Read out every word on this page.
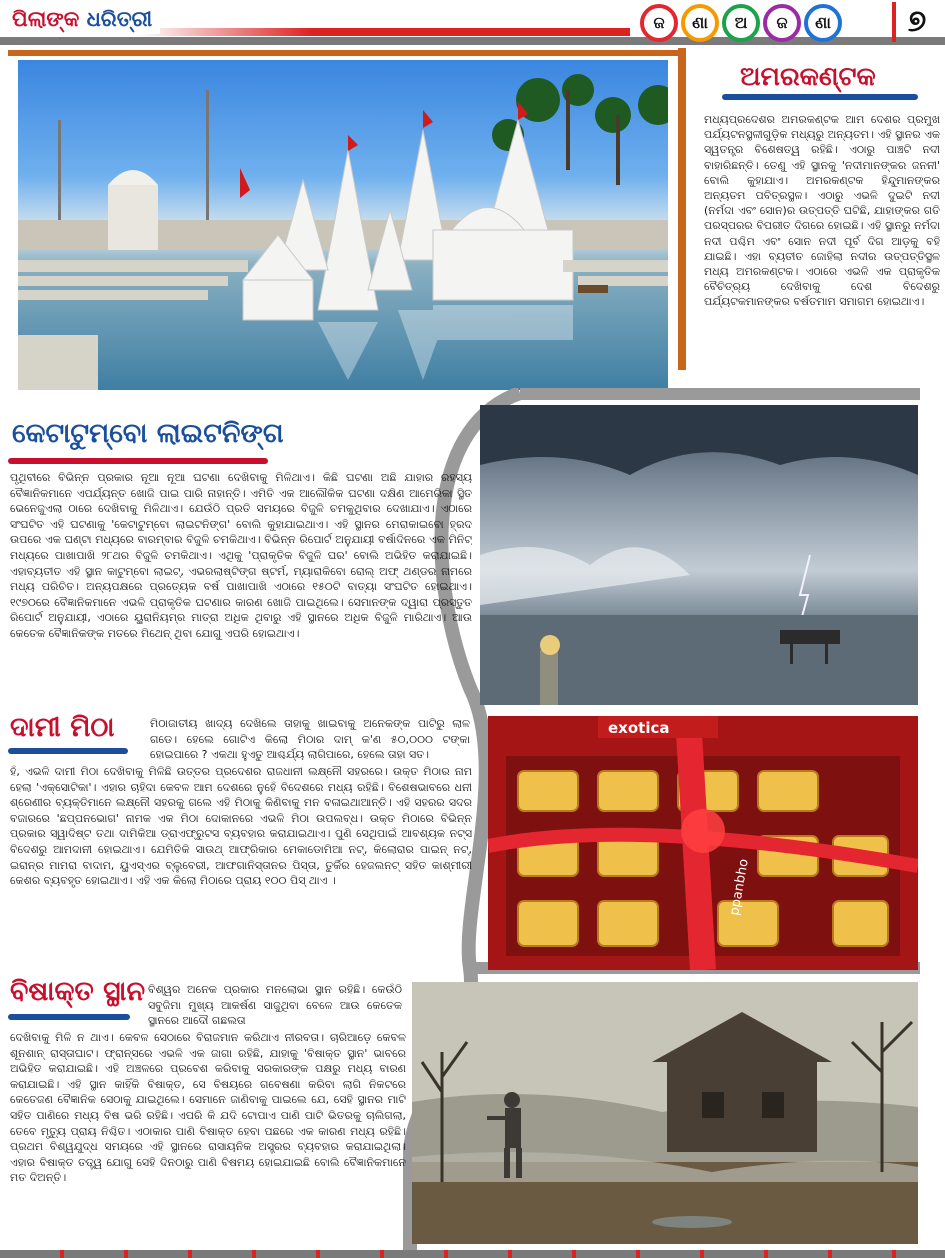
ପିଲାଙ୍କ ଧରିତ୍ରୀ	ଜ	ଣା	ଅ	ଜ	ଣା	୭
ଅମରକଣ୍ଟକ
ମଧ୍ୟପ୍ରଦେଶର ଅମରକଣ୍ଟକ ଆମ ଦେଶର ପ୍ରମୁଖ ପର୍ଯ୍ୟଟନସ୍ଥଳୀଗୁଡ଼ିକ ମଧ୍ୟରୁ ଅନ୍ୟତମ। ଏହି ସ୍ଥାନର ଏକ ସ୍ୱତନ୍ତ୍ର ବିଶେଷତ୍ୱ ରହିଛି। ଏଠାରୁ ପାଞ୍ଚଟି ନଦୀ ବାହାରିଛନ୍ତି। ତେଣୁ ଏହି ସ୍ଥାନକୁ 'ନଦୀମାନଙ୍କର ଜନନୀ' ବୋଲି କୁହାଯାଏ। ଅମରକଣ୍ଟକ ହିନ୍ଦୁମାନଙ୍କର ଅନ୍ୟତମ ପବିତ୍ରସ୍ଥଳ। ଏଠାରୁ ଏଭଳି ଦୁଇଟି ନଦୀ (ନର୍ମଦା ଏବଂ ସୋନ)ର ଉତ୍ପତ୍ତି ଘଟିଛି, ଯାହାଙ୍କର ଗତି ପରସ୍ପରର ବିପରୀତ ଦିଗରେ ହୋଇଛି। ଏହି ସ୍ଥାନରୁ ନର୍ମଦା ନଦୀ ପଶ୍ଚିମ ଏବଂ ସୋନ ନଦୀ ପୂର୍ବ ଦିଗ ଆଡ଼କୁ ବହି ଯାଇଛି। ଏହା ବ୍ୟତୀତ ଜୋହିଲା ନଦୀର ଉତ୍ପତ୍ତିସ୍ଥଳ ମଧ୍ୟ ଅମରକଣ୍ଟକ। ଏଠାରେ ଏଭଳି ଏକ ପ୍ରାକୃତିକ ବୈଚିତ୍ର୍ୟ ଦେଖିବାକୁ ଦେଶ ବିଦେଶରୁ ପର୍ଯ୍ୟଟକମାନଙ୍କର ବର୍ଷତମାମ ସମାଗମ ହୋଇଥାଏ।
କେଟାଟୁମ୍ବୋ ଲାଇଟନିଙ୍ଗ
ପୃଥିବୀରେ ବିଭିନ୍ନ ପ୍ରକାର ନୂଆ ନୂଆ ଘଟଣା ଦେଖିବାକୁ ମିଳିଥାଏ। କିଛି ଘଟଣା ଅଛି ଯାହାର ରହସ୍ୟ ବୈଜ୍ଞାନିକମାନେ ଏପର୍ଯ୍ୟନ୍ତ ଖୋଜି ପାଇ ପାରି ନାହାନ୍ତି। ଏମିତି ଏକ ଆଲୌକିକ ଘଟଣା ଦକ୍ଷିଣ ଆମେରିକା ସ୍ଥିତ ଭେନେଜୁଏଲା ଠାରେ ଦେଖିବାକୁ ମିଳିଥାଏ। ଯେଉଁଠି ପ୍ରତି ସମୟରେ ବିଜୁଳି ଚମକୁଥିବାର ଦେଖାଯାଏ। ଏଠାରେ ସଂଘଟିତ ଏହି ଘଟଣାକୁ 'କେଟାଟୁମ୍ବୋ ଲାଇଟନିଙ୍ଗ' ବୋଲି କୁହାଯାଇଥାଏ। ଏହି ସ୍ଥାନର ମେରାକାଇବୋ ହ୍ରଦ ଉପରେ ଏକ ଘଣ୍ଟା ମଧ୍ୟରେ ବାରମ୍ବାର ବିଜୁଳି ଚମକିଥାଏ। ବିଭିନ୍ନ ରିପୋର୍ଟ ଅନୁଯାୟୀ ବର୍ଷାଦିନରେ ଏକ ମିନିଟ୍ ମଧ୍ୟରେ ପାଖାପାଖି ୨୮ଥର ବିଜୁଳି ଚମକିଥାଏ। ଏଥିକୁ 'ପ୍ରାକୃତିକ ବିଜୁଳି ଘର' ବୋଲି ଅଭିହିତ କରାଯାଇଛି। ଏହାବ୍ୟତୀତ ଏହି ସ୍ଥାନ କାଟୁମ୍ବୋ ଲାଇଟ୍, ଏଭରଲାଷ୍ଟିଙ୍ଗ ଷ୍ଟର୍ମ, ମ୍ୟାରାକିବୋ ରୋଲ୍ ଅଫ୍ ଥଣ୍ଡର ନାମରେ ମଧ୍ୟ ପରିଚିତ। ଅନ୍ୟପକ୍ଷରେ ପ୍ରତ୍ୟେକ ବର୍ଷ ପାଖାପାଖି ଏଠାରେ ୧୫୦ଟି ବାତ୍ୟା ସଂଘଟିତ ହୋଇଥାଏ। ୧୯୭୦ରେ ବୈଜ୍ଞାନିକମାନେ ଏଭଳି ପ୍ରାକୃତିକ ଘଟଣାର କାରଣ ଖୋଜି ପାଇଥିଲେ। ସେମାନଙ୍କ ଦ୍ୱାରା ପ୍ରସ୍ତୁତ ରିପୋର୍ଟ ଅନୁଯାୟୀ, ଏଠାରେ ୟୁରାନିୟମ୍‌ର ମାତ୍ରା ଅଧିକ ଥିବାରୁ ଏହି ସ୍ଥାନରେ ଅଧିକ ବିଜୁଳି ମାରିଥାଏ। ଆଉ କେତେକ ବୈଜ୍ଞାନିକଙ୍କ ମତରେ ମିଥେନ୍ ଥିବା ଯୋଗୁ ଏପରି ହୋଇଥାଏ।
ଦାମୀ ମିଠା	ମିଠାଜାତୀୟ ଖାଦ୍ୟ ଦେଖିଲେ ତାହାକୁ ଖାଇବାକୁ ଅନେକଙ୍କ ପାଟିରୁ ଲାଳ ଗଡେ। ହେଲେ ଗୋଟିଏ କିଲୋ ମିଠାର ଦାମ୍ କ'ଣ ୫୦,୦୦୦ ଟଙ୍କା ହୋଇପାରେ ? ଏକଥା ହୁଏତୁ ଆଶ୍ଚର୍ଯ୍ୟ ଲାଗିପାରେ, ହେଲେ ତାହା ସତ।
ହଁ, ଏଭଳି ଦାମୀ ମିଠା ଦେଖିବାକୁ ମିଳିଛି ଉତ୍ତର ପ୍ରଦେଶର ରାଜଧାନୀ ଲକ୍ଷ୍ନୌ ସହରରେ। ଉକ୍ତ ମିଠାର ନାମ ହେଲା 'ଏକ୍ସୋଟିକା'। ଏହାର ଚାହିଦା କେବଳ ଆମ ଦେଶରେ ନୁହେଁ ବିଦେଶରେ ମଧ୍ୟ ରହିଛି। ବିଶେଷଭାବରେ ଧନୀ ଶ୍ରେଣୀର ବ୍ୟକ୍ତିମାନେ ଲକ୍ଷ୍ନୌ ସହରକୁ ଗଲେ ଏହି ମିଠାକୁ କିଣିବାକୁ ମନ ବଳାଇଥାଆନ୍ତି। ଏହି ସହରର ସଦର ବଜାରରେ 'ଛପ୍ପନଭୋଗ' ନାମକ ଏକ ମିଠା ଦୋକାନରେ ଏଭଳି ମିଠା ଉପଲବ୍ଧ। ଉକ୍ତ ମିଠାରେ ବିଭିନ୍ନ ପ୍ରକାର ସ୍ୱାଦିଷ୍ଟ ତଥା ଦାମିକିଆ ଡ୍ରାଏଫ୍ରୁଟସ ବ୍ୟବହାର କରାଯାଇଥାଏ। ପୁଣି ସେଥିପାଇଁ ଆବଶ୍ୟକ ନଟ୍ସ ବିଦେଶରୁ ଆମଦାନୀ ହୋଇଥାଏ। ଯେମିତିକି ସାଉଥ୍ ଆଫ୍ରିକାର ମେକାଡୋମିଆ ନଟ୍, କିଲୋରାର ପାଇନ୍ ନଟ୍, ଇରାନ୍‌ର ମାମରା ବାଦାମ, ୟୁଏସ୍‌ଏର ବ୍ଲୁବେରୀ, ଆଫଗାନିସ୍ତାନର ପିସ୍ତା, ତୁର୍କିର ହେଜଲନଟ୍ ସହିତ କାଶ୍ମୀରୀ କେଶର ବ୍ୟବହୃତ ହୋଇଥାଏ। ଏହି ଏକ କିଲୋ ମିଠାରେ ପ୍ରାୟ ୧୦୦ ପିସ୍ ଥାଏ ।
exotica
ppanbho
ବିଷାକ୍ତ ସ୍ଥାନ ବିଶ୍ୱର ଅନେକ ପ୍ରକାର ମନଲୋଭା ସ୍ଥାନ ରହିଛି। କେଉଁଠି ସବୁଜିମା ମୁଖ୍ୟ ଆକର୍ଷଣ ସାଜୁଥିବା ବେଳେ ଆଉ କେତେକ ସ୍ଥାନରେ ଆଦୌ ଗଛଲତା
ଦେଖିବାକୁ ମିଳି ନ ଥାଏ। କେବଳ ସେଠାରେ ବିରାଜମାନ କରିଥାଏ ନୀରବତା। ଚାରିଆଡ଼େ କେବଳ ଶୂନଶାନ୍ ରାସ୍ତାଘାଟ। ଫ୍ରାନ୍ସରେ ଏଭଳି ଏକ ଜାଗା ରହିଛି, ଯାହାକୁ 'ବିଷାକ୍ତ ସ୍ଥାନ' ଭାବରେ ଅଭିହିତ କରାଯାଇଛି। ଏହି ଅଞ୍ଚଳରେ ପ୍ରବେଶ କରିବାକୁ ସରକାରଙ୍କ ପକ୍ଷରୁ ମଧ୍ୟ ବାରଣ କରାଯାଇଛି। ଏହି ସ୍ଥାନ କାହିଁକି ବିଷାକ୍ତ, ସେ ବିଷୟରେ ଗବେଷଣା କରିବା ଲାଗି ନିକଟରେ କେତେଜଣ ବୈଜ୍ଞାନିକ ସେଠାକୁ ଯାଇଥିଲେ। ସେମାନେ ଜାଣିବାକୁ ପାଇଲେ ଯେ, ସେହି ସ୍ଥାନର ମାଟି ସହିତ ପାଣିରେ ମଧ୍ୟ ବିଷ ଭରି ରହିଛି। ଏପରି କି ଯଦି ଟୋପାଏ ପାଣି ପାଟି ଭିତରକୁ ଚାଲିଗଲା, ତେବେ ମୃତ୍ୟୁ ପ୍ରାୟ ନିଶ୍ଚିତ। ଏଠାକାର ପାଣି ବିଷାକ୍ତ ହେବା ପଛରେ ଏକ କାରଣ ମଧ୍ୟ ରହିଛି। ପ୍ରଥମ ବିଶ୍ୱଯୁଦ୍ଧ ସମୟରେ ଏହି ସ୍ଥାନରେ ରାସାୟନିକ ଅସ୍ତ୍ରର ବ୍ୟବହାର କରାଯାଇଥିଲା। ଏହାର ବିଷାକ୍ତ ତତ୍ତ୍ୱ ଯୋଗୁ ସେହି ଦିନଠାରୁ ପାଣି ବିଷମୟ ହୋଇଯାଇଛି ବୋଲି ବୈଜ୍ଞାନିକମାନେ ମତ ଦିଅନ୍ତି।
